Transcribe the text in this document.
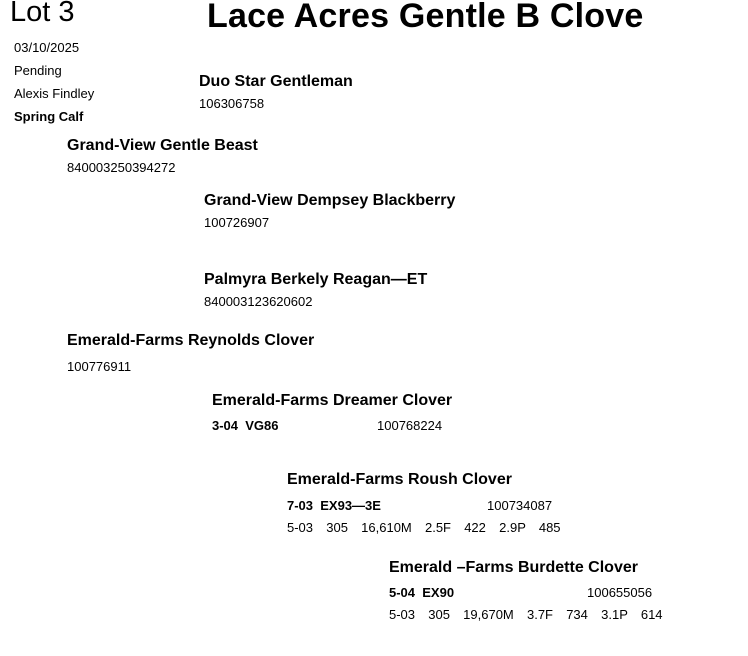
Lot 3	Lace Acres Gentle B Clove
03/10/2025
Pending
Alexis Findley
Spring Calf
Duo Star Gentleman
106306758
Grand-View Gentle Beast
840003250394272
Grand-View Dempsey Blackberry
100726907
Palmyra Berkely Reagan—ET
840003123620602
Emerald-Farms Reynolds Clover
100776911
Emerald-Farms Dreamer Clover
3-04  VG86	100768224
Emerald-Farms Roush Clover
7-03  EX93—3E	100734087
5-03  305  16,610M  2.5F  422  2.9P  485
Emerald –Farms Burdette Clover
5-04  EX90	100655056
5-03  305  19,670M  3.7F  734  3.1P  614
